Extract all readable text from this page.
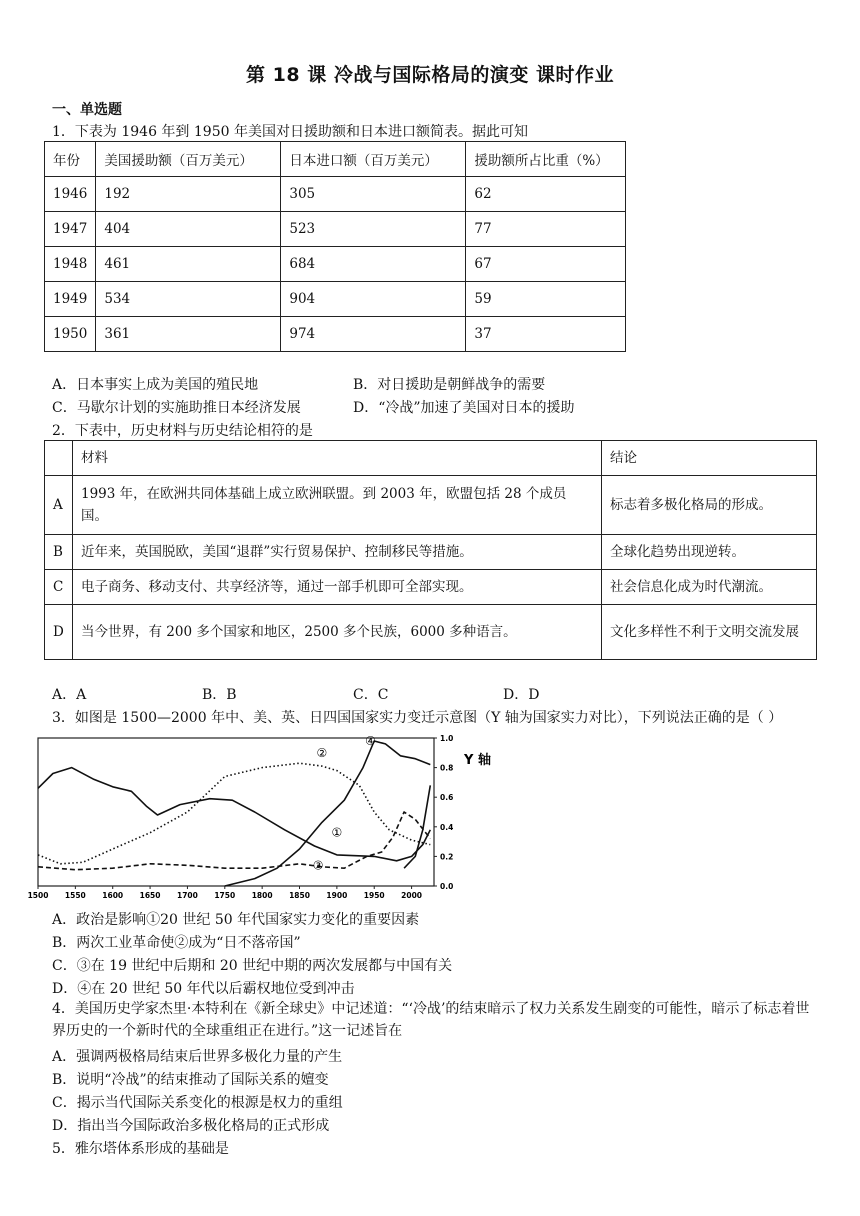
第 18 课 冷战与国际格局的演变 课时作业
一、单选题
1．下表为 1946 年到 1950 年美国对日援助额和日本进口额简表。据此可知
年份	美国援助额（百万美元）	日本进口额（百万美元）	援助额所占比重（%）
1946	192	305	62
1947	404	523	77
1948	461	684	67
1949	534	904	59
1950	361	974	37
A．日本事实上成为美国的殖民地	B．对日援助是朝鲜战争的需要
C．马歇尔计划的实施助推日本经济发展	D．“冷战”加速了美国对日本的援助
2．下表中，历史材料与历史结论相符的是
	材料	结论
A	1993 年，在欧洲共同体基础上成立欧洲联盟。到 2003 年，欧盟包括 28 个成员国。	标志着多极化格局的形成。
B	近年来，英国脱欧，美国“退群”实行贸易保护、控制移民等措施。	全球化趋势出现逆转。
C	电子商务、移动支付、共享经济等，通过一部手机即可全部实现。	社会信息化成为时代潮流。
D	当今世界，有 200 多个国家和地区，2500 多个民族，6000 多种语言。	文化多样性不利于文明交流发展
A．A	B．B	C．C	D．D
3．如图是 1500—2000 年中、美、英、日四国国家实力变迁示意图（Y 轴为国家实力对比），下列说法正确的是（ ）
1500 1550 1600 1650 1700 1750 1800 1850 1900 1950 2000
0.0
0.2
0.4
0.6
0.8
1.0
①
②
③
④
Y 轴
A．政治是影响①20 世纪 50 年代国家实力变化的重要因素
B．两次工业革命使②成为“日不落帝国”
C．③在 19 世纪中后期和 20 世纪中期的两次发展都与中国有关
D．④在 20 世纪 50 年代以后霸权地位受到冲击
4．美国历史学家杰里·本特利在《新全球史》中记述道：“‘冷战’的结束暗示了权力关系发生剧变的可能性，暗示了标志着世界历史的一个新时代的全球重组正在进行。”这一记述旨在
A．强调两极格局结束后世界多极化力量的产生
B．说明“冷战”的结束推动了国际关系的嬗变
C．揭示当代国际关系变化的根源是权力的重组
D．指出当今国际政治多极化格局的正式形成
5．雅尔塔体系形成的基础是
